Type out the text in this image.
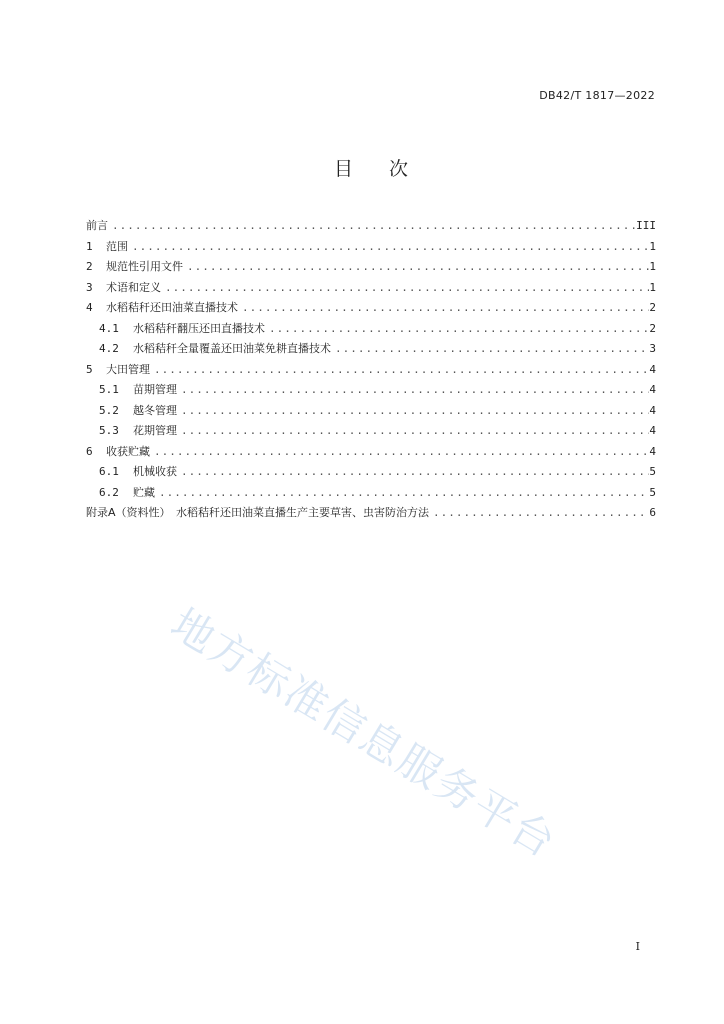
DB42/T 1817—2022
目 次
前言 .....	III
1	范围 .....	1
2	规范性引用文件 .....	1
3	术语和定义 .....	1
4	水稻秸秆还田油菜直播技术 .....	2
4.1	水稻秸秆翻压还田直播技术 .....	2
4.2	水稻秸秆全量覆盖还田油菜免耕直播技术 .....	3
5	大田管理 .....	4
5.1	苗期管理 .....	4
5.2	越冬管理 .....	4
5.3	花期管理 .....	4
6	收获贮藏 .....	4
6.1	机械收获 .....	5
6.2	贮藏 .....	5
附录A（资料性）　水稻秸秆还田油菜直播生产主要草害、虫害防治方法 .....	6
地方标准信息服务平台
I
